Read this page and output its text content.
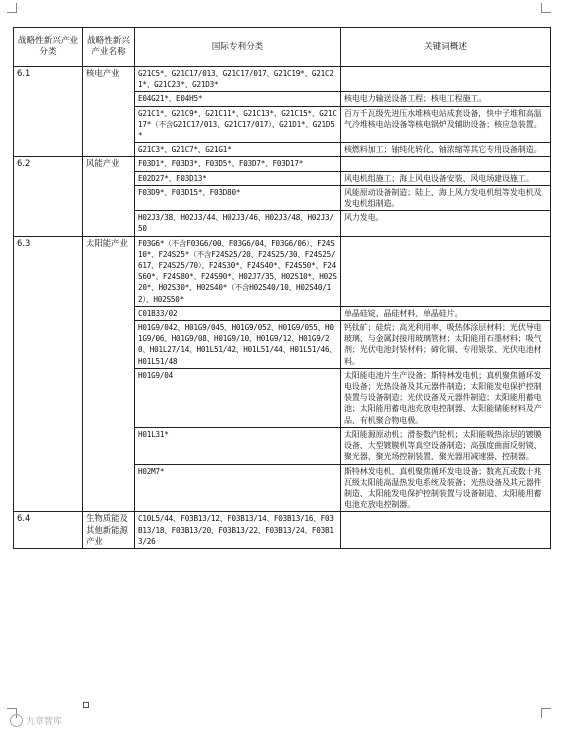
战略性新兴产业分类	战略性新兴产业名称	国际专利分类	关键词概述
6.1	核电产业	G21C5*、G21C17/013、G21C17/017、G21C19*、G21C21*、G21C23*、G21D3*	
		E04G21*、E04H5*	核电电力输送设备工程；核电工程施工。
		G21C1*、G21C9*、G21C11*、G21C13*、G21C15*、G21C17*（不含G21C17/013、G21C17/017）、G21D1*、G21D5*	百万千瓦级先进压水堆核电站成套设备，快中子堆和高温气冷堆核电站设备等核电锅炉及辅助设备；核应急装置。
		G21C3*、G21C7*、G21G1*	核燃料加工；铀纯化转化、铀浓缩等其它专用设备制造。
6.2	风能产业	F03D1*、F03D3*、F03D5*、F03D7*、F03D17*	
		E02D27*、F03D13*	风电机组施工；海上风电设备安装、风电场建设施工。
		F03D9*、F03D15*、F03D80*	风能原动设备制造；陆上、海上风力发电机组等发电机及发电机组制造。
		H02J3/38、H02J3/44、H02J3/46、H02J3/48、H02J3/50	风力发电。
6.3	太阳能产业	F03G6*（不含F03G6/00、F03G6/04、F03G6/06）、F24S10*、F24S25*（不含F24S25/20、F24S25/30、F24S25/617、F24S25/70）、F24S30*、F24S40*、F24S50*、F24S60*、F24S80*、F24S90*、H02J7/35、H02S10*、H02S20*、H02S30*、H02S40*（不含H02S40/10、H02S40/12）、H02S50*	
		C01B33/02	单晶硅锭、晶硅材料、单晶硅片。
		H01G9/042、H01G9/045、H01G9/052、H01G9/055、H01G9/06、H01G9/08、H01G9/10、H01G9/12、H01G9/20、H01L27/14、H01L51/42、H01L51/44、H01L51/46、H01L51/48	钙钛矿；硅烷；高光利用率、吸热体涂层材料；光伏导电玻璃、与金属封接用玻璃管材；太阳能用石墨材料；吸气剂；光伏电池封装材料；碲化镉、专用银浆、光伏电池材料。
		H01G9/04	太阳能电池片生产设备；斯特林发电机；真机聚焦循环发电设备；光热设备及其元器件制造；太阳能发电保护控制装置与设备制造；光伏设备及元器件制造；太阳能用蓄电池；太阳能用蓄电池充放电控制器、太阳能储能材料及产品、有机聚合物电极。
		H01L31*	太阳能源原动机；滑参数汽轮机；太阳能吸热涂层的镀膜设备、大型镀膜机等真空设备制造；高强度曲面反射镜、聚光器、聚光场控制装置、聚光器用减速器、控制器。
		H02M7*	斯特林发电机、真机聚焦循环发电设备；数兆瓦或数十兆瓦级太阳能高温热发电系统及装备；光热设备及其元器件制造、太阳能发电保护控制装置与设备制造、太阳能用蓄电池充放电控制器。
6.4	生物质能及其他新能源产业	C10L5/44、F03B13/12、F03B13/14、F03B13/16、F03B13/18、F03B13/20、F03B13/22、F03B13/24、F03B13/26	
九章智库
